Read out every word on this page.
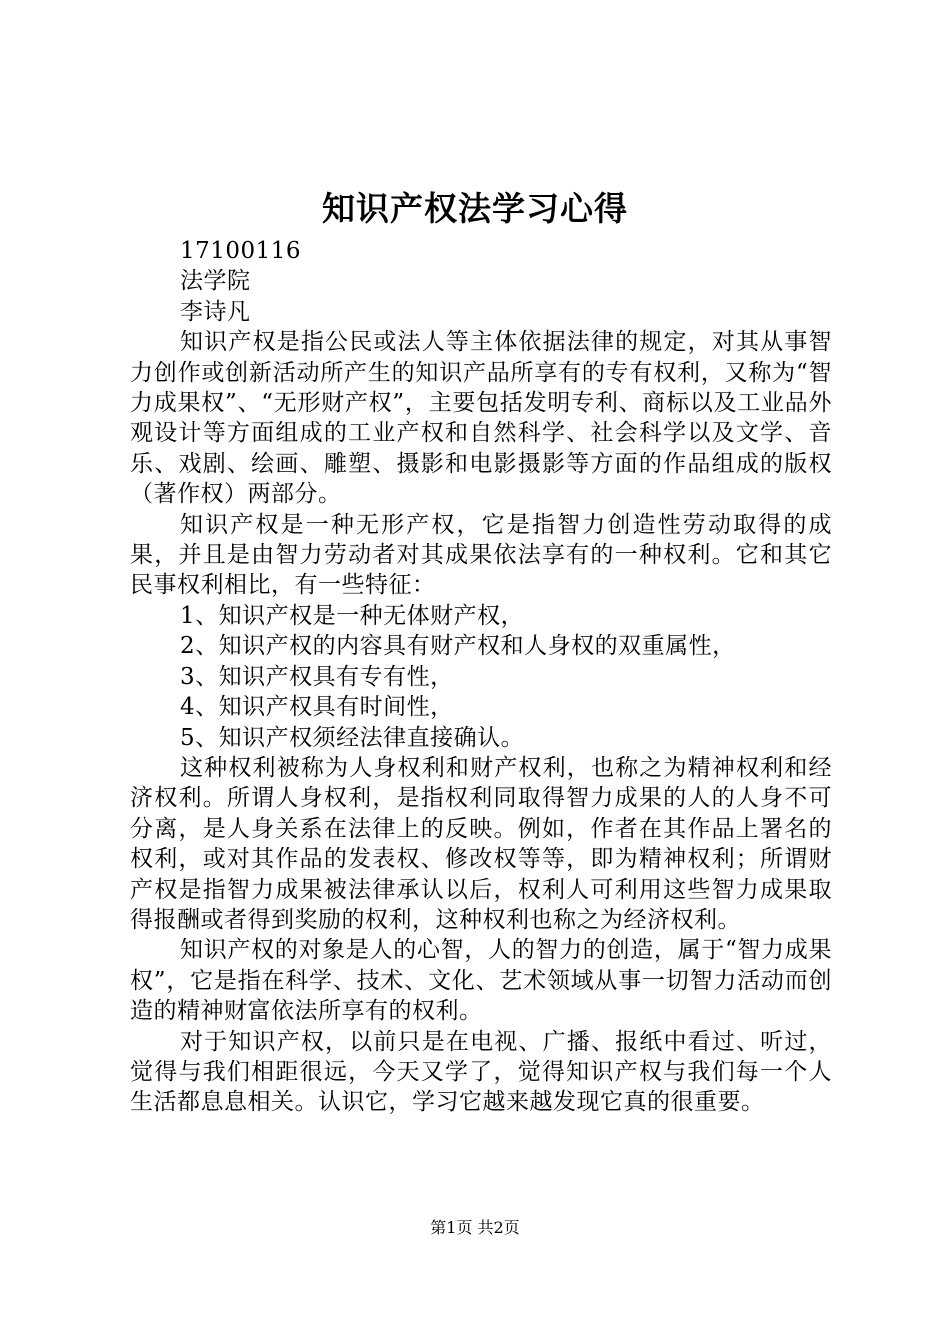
知识产权法学习心得

17100116

法学院

李诗凡

知识产权是指公民或法人等主体依据法律的规定，对其从事智力创作或创新活动所产生的知识产品所享有的专有权利，又称为“智力成果权”、“无形财产权”，主要包括发明专利、商标以及工业品外观设计等方面组成的工业产权和自然科学、社会科学以及文学、音乐、戏剧、绘画、雕塑、摄影和电影摄影等方面的作品组成的版权（著作权）两部分。

知识产权是一种无形产权，它是指智力创造性劳动取得的成果，并且是由智力劳动者对其成果依法享有的一种权利。它和其它民事权利相比，有一些特征：

1、知识产权是一种无体财产权，

2、知识产权的内容具有财产权和人身权的双重属性，

3、知识产权具有专有性，

4、知识产权具有时间性，

5、知识产权须经法律直接确认。

这种权利被称为人身权利和财产权利，也称之为精神权利和经济权利。所谓人身权利，是指权利同取得智力成果的人的人身不可分离，是人身关系在法律上的反映。例如，作者在其作品上署名的权利，或对其作品的发表权、修改权等等，即为精神权利；所谓财产权是指智力成果被法律承认以后，权利人可利用这些智力成果取得报酬或者得到奖励的权利，这种权利也称之为经济权利。

知识产权的对象是人的心智，人的智力的创造，属于“智力成果权”，它是指在科学、技术、文化、艺术领域从事一切智力活动而创造的精神财富依法所享有的权利。

对于知识产权，以前只是在电视、广播、报纸中看过、听过，觉得与我们相距很远，今天又学了，觉得知识产权与我们每一个人生活都息息相关。认识它，学习它越来越发现它真的很重要。

第1页 共2页
